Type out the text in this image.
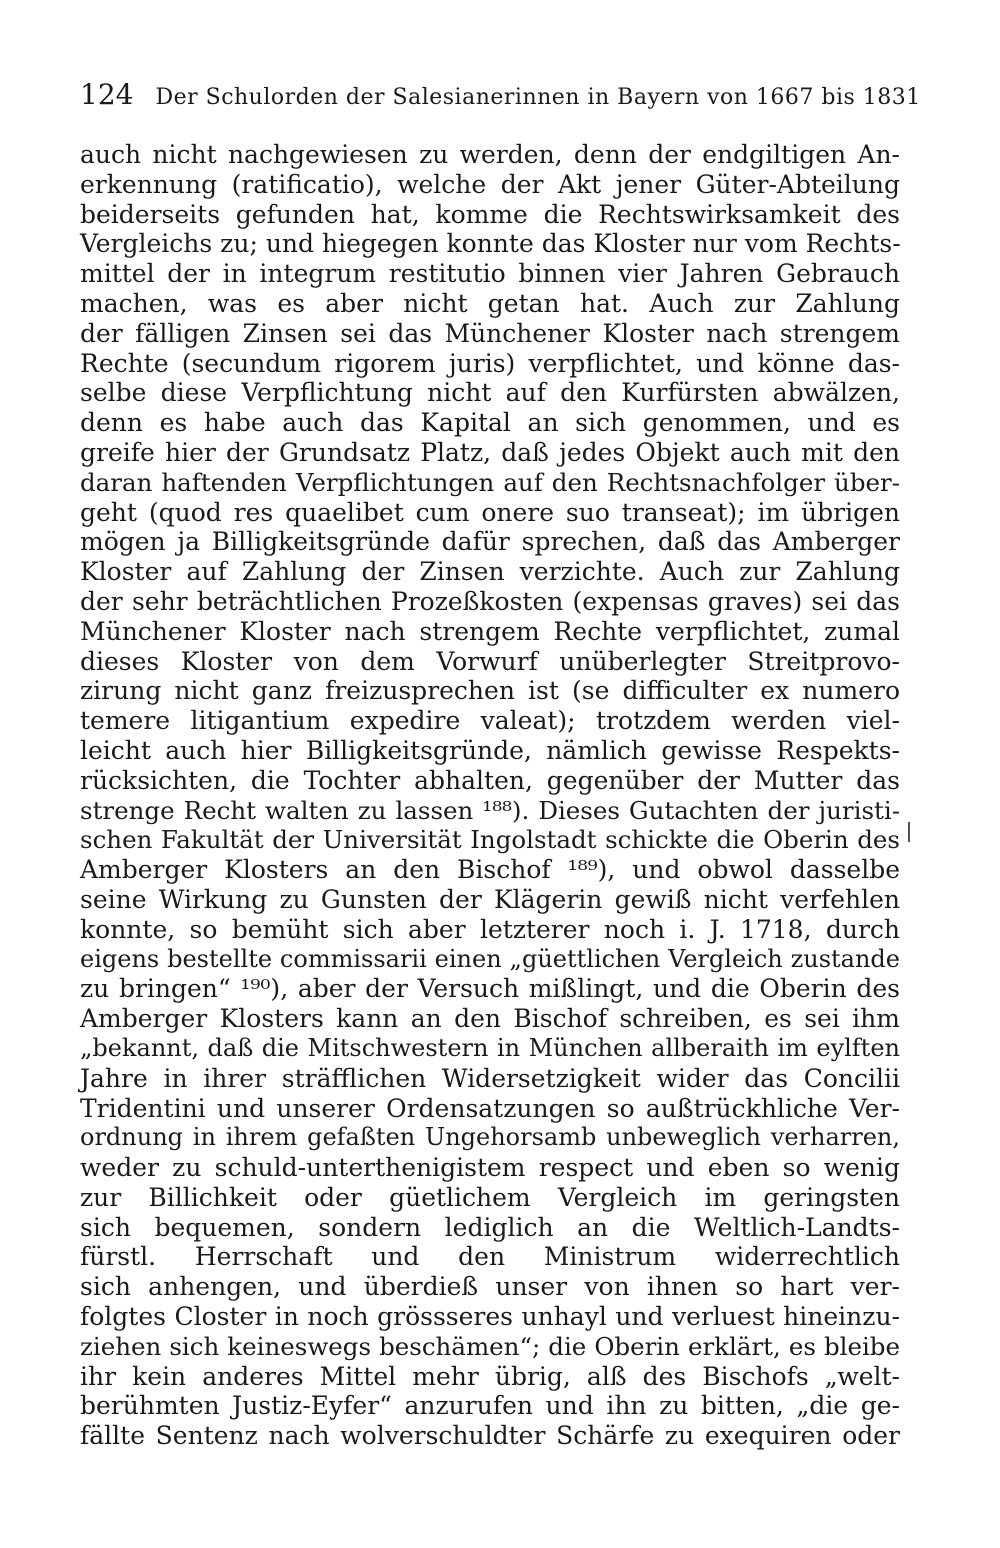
124 Der Schulorden der Salesianerinnen in Bayern von 1667 bis 1831
auch nicht nachgewiesen zu werden, denn der endgiltigen An-
erkennung (ratificatio), welche der Akt jener Güter-Abteilung
beiderseits gefunden hat, komme die Rechtswirksamkeit des
Vergleichs zu; und hiegegen konnte das Kloster nur vom Rechts-
mittel der in integrum restitutio binnen vier Jahren Gebrauch
machen, was es aber nicht getan hat. Auch zur Zahlung
der fälligen Zinsen sei das Münchener Kloster nach strengem
Rechte (secundum rigorem juris) verpflichtet, und könne das-
selbe diese Verpflichtung nicht auf den Kurfürsten abwälzen,
denn es habe auch das Kapital an sich genommen, und es
greife hier der Grundsatz Platz, daß jedes Objekt auch mit den
daran haftenden Verpflichtungen auf den Rechtsnachfolger über-
geht (quod res quaelibet cum onere suo transeat); im übrigen
mögen ja Billigkeitsgründe dafür sprechen, daß das Amberger
Kloster auf Zahlung der Zinsen verzichte. Auch zur Zahlung
der sehr beträchtlichen Prozeßkosten (expensas graves) sei das
Münchener Kloster nach strengem Rechte verpflichtet, zumal
dieses Kloster von dem Vorwurf unüberlegter Streitprovo-
zirung nicht ganz freizusprechen ist (se difficulter ex numero
temere litigantium expedire valeat); trotzdem werden viel-
leicht auch hier Billigkeitsgründe, nämlich gewisse Respekts-
rücksichten, die Tochter abhalten, gegenüber der Mutter das
strenge Recht walten zu lassen ¹⁸⁸). Dieses Gutachten der juristi-
schen Fakultät der Universität Ingolstadt schickte die Oberin des
Amberger Klosters an den Bischof ¹⁸⁹), und obwol dasselbe
seine Wirkung zu Gunsten der Klägerin gewiß nicht verfehlen
konnte, so bemüht sich aber letzterer noch i. J. 1718, durch
eigens bestellte commissarii einen „güettlichen Vergleich zustande
zu bringen“ ¹⁹⁰), aber der Versuch mißlingt, und die Oberin des
Amberger Klosters kann an den Bischof schreiben, es sei ihm
„bekannt, daß die Mitschwestern in München allberaith im eylften
Jahre in ihrer sträfflichen Widersetzigkeit wider das Concilii
Tridentini und unserer Ordensatzungen so außtrückhliche Ver-
ordnung in ihrem gefaßten Ungehorsamb unbeweglich verharren,
weder zu schuld-unterthenigistem respect und eben so wenig
zur Billichkeit oder güetlichem Vergleich im geringsten
sich bequemen, sondern lediglich an die Weltlich-Landts-
fürstl. Herrschaft und den Ministrum widerrechtlich
sich anhengen, und überdieß unser von ihnen so hart ver-
folgtes Closter in noch grössseres unhayl und verluest hineinzu-
ziehen sich keineswegs beschämen“; die Oberin erklärt, es bleibe
ihr kein anderes Mittel mehr übrig, alß des Bischofs „welt-
berühmten Justiz-Eyfer“ anzurufen und ihn zu bitten, „die ge-
fällte Sentenz nach wolverschuldter Schärfe zu exequiren oder
